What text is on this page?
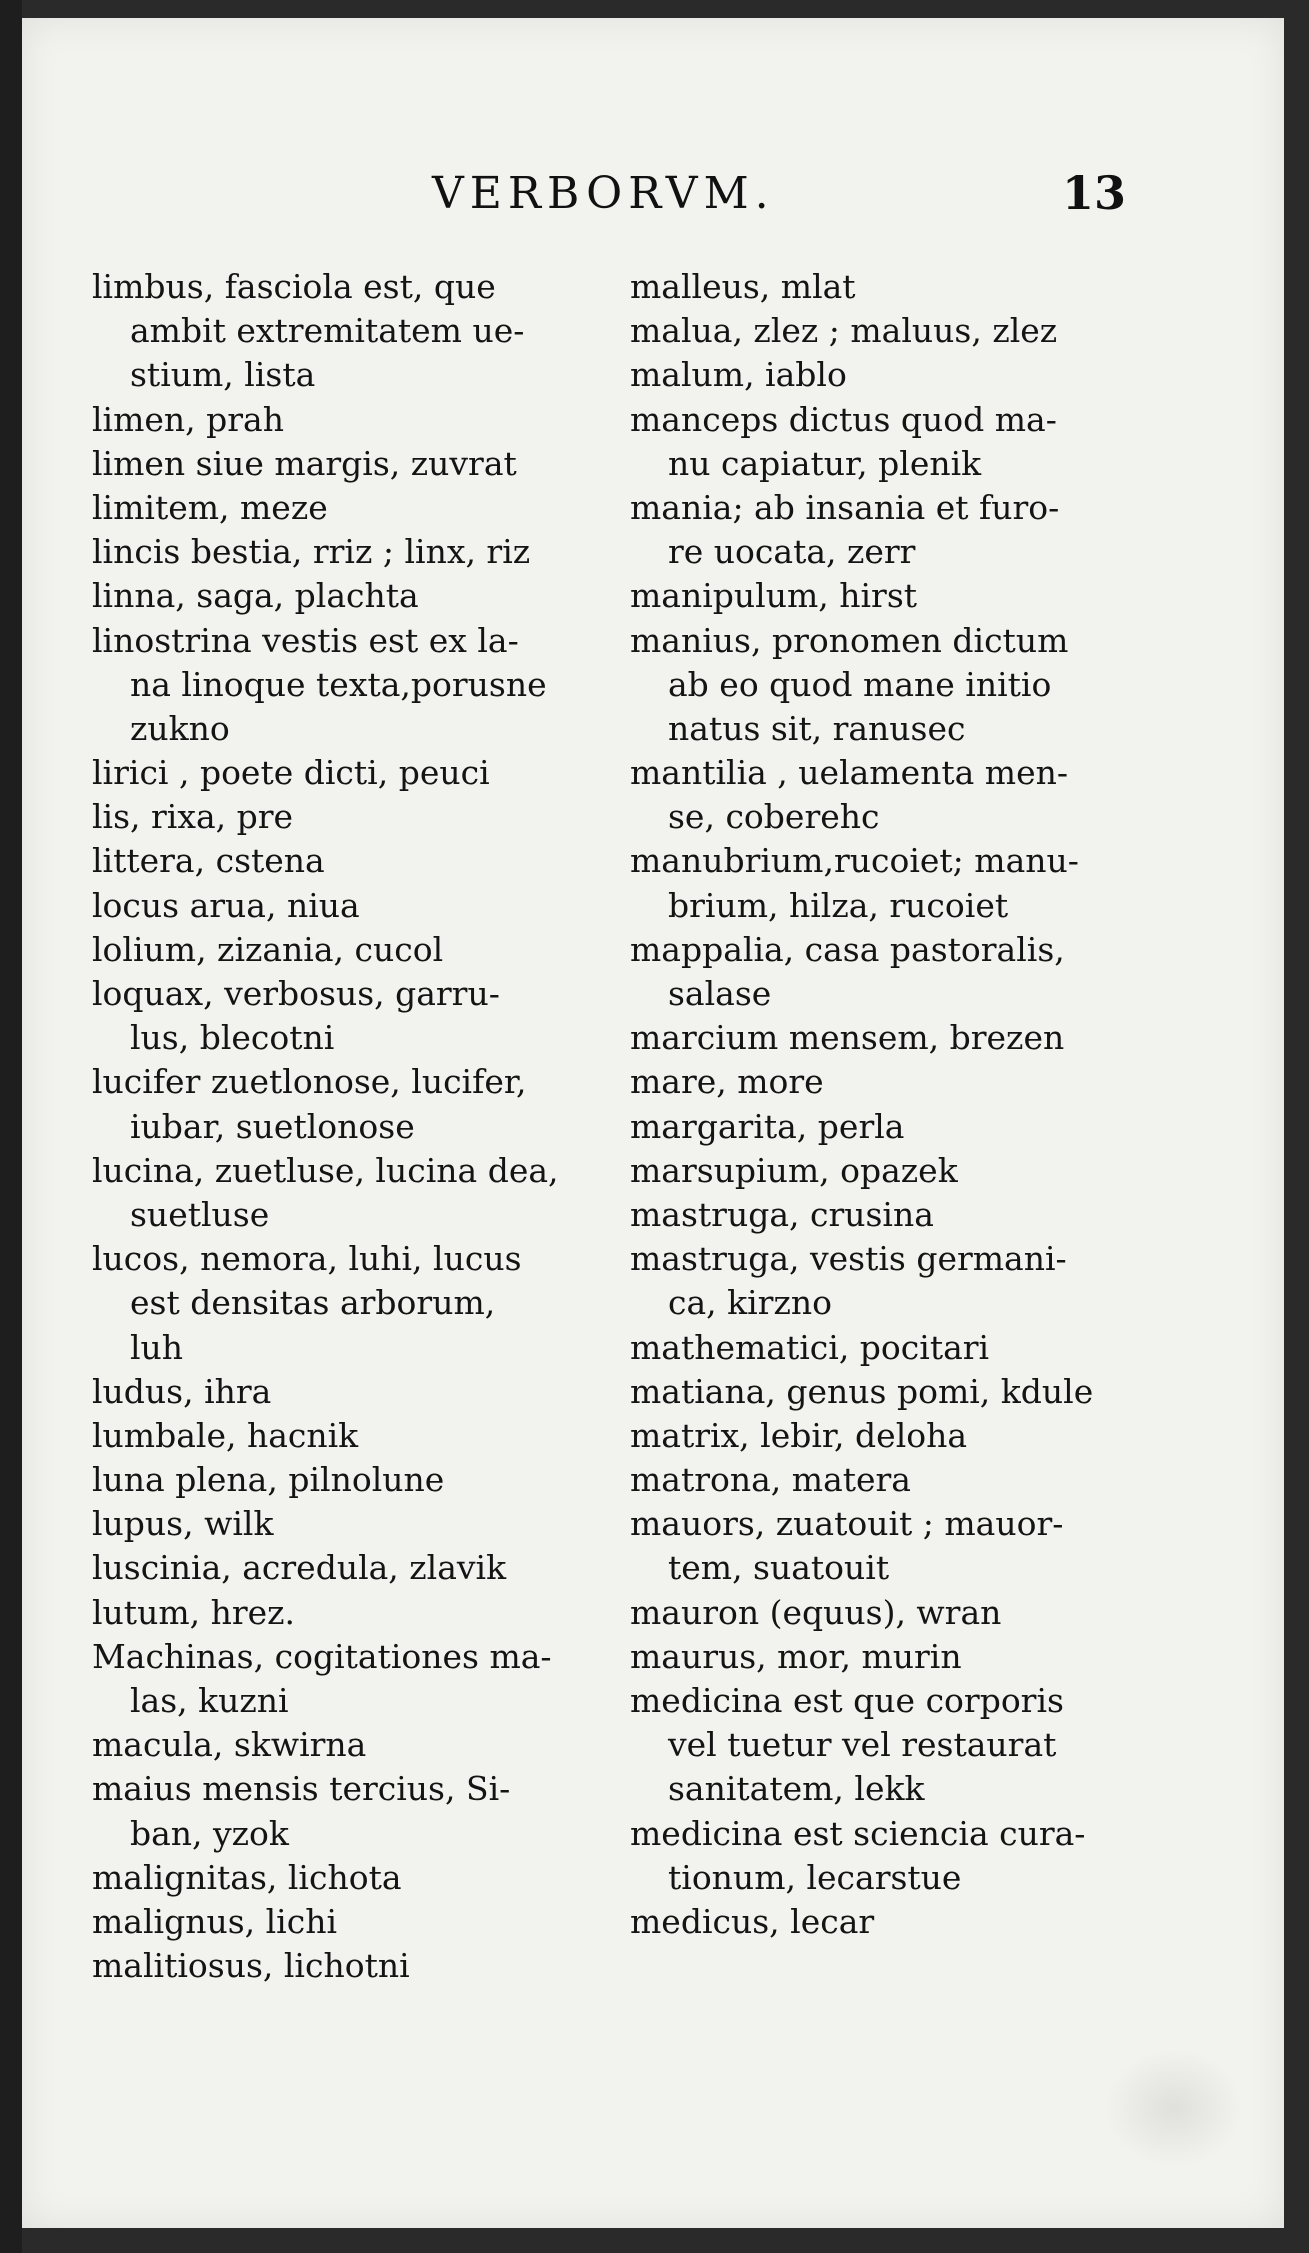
VERBORVM.	13
limbus, fasciola est, que
ambit extremitatem ue-
stium, lista
limen, prah
limen siue margis, zuvrat
limitem, meze
lincis bestia, rriz ; linx, riz
linna, saga, plachta
linostrina vestis est ex la-
na linoque texta,porusne
zukno
lirici , poete dicti, peuci
lis, rixa, pre
littera, cstena
locus arua, niua
lolium, zizania, cucol
loquax, verbosus, garru-
lus, blecotni
lucifer zuetlonose, lucifer,
iubar, suetlonose
lucina, zuetluse, lucina dea,
suetluse
lucos, nemora, luhi, lucus
est densitas arborum,
luh
ludus, ihra
lumbale, hacnik
luna plena, pilnolune
lupus, wilk
luscinia, acredula, zlavik
lutum, hrez.
Machinas, cogitationes ma-
las, kuzni
macula, skwirna
maius mensis tercius, Si-
ban, yzok
malignitas, lichota
malignus, lichi
malitiosus, lichotni
malleus, mlat
malua, zlez ; maluus, zlez
malum, iablo
manceps dictus quod ma-
nu capiatur, plenik
mania; ab insania et furo-
re uocata, zerr
manipulum, hirst
manius, pronomen dictum
ab eo quod mane initio
natus sit, ranusec
mantilia , uelamenta men-
se, coberehc
manubrium,rucoiet; manu-
brium, hilza, rucoiet
mappalia, casa pastoralis,
salase
marcium mensem, brezen
mare, more
margarita, perla
marsupium, opazek
mastruga, crusina
mastruga, vestis germani-
ca, kirzno
mathematici, pocitari
matiana, genus pomi, kdule
matrix, lebir, deloha
matrona, matera
mauors, zuatouit ; mauor-
tem, suatouit
mauron (equus), wran
maurus, mor, murin
medicina est que corporis
vel tuetur vel restaurat
sanitatem, lekk
medicina est sciencia cura-
tionum, lecarstue
medicus, lecar
